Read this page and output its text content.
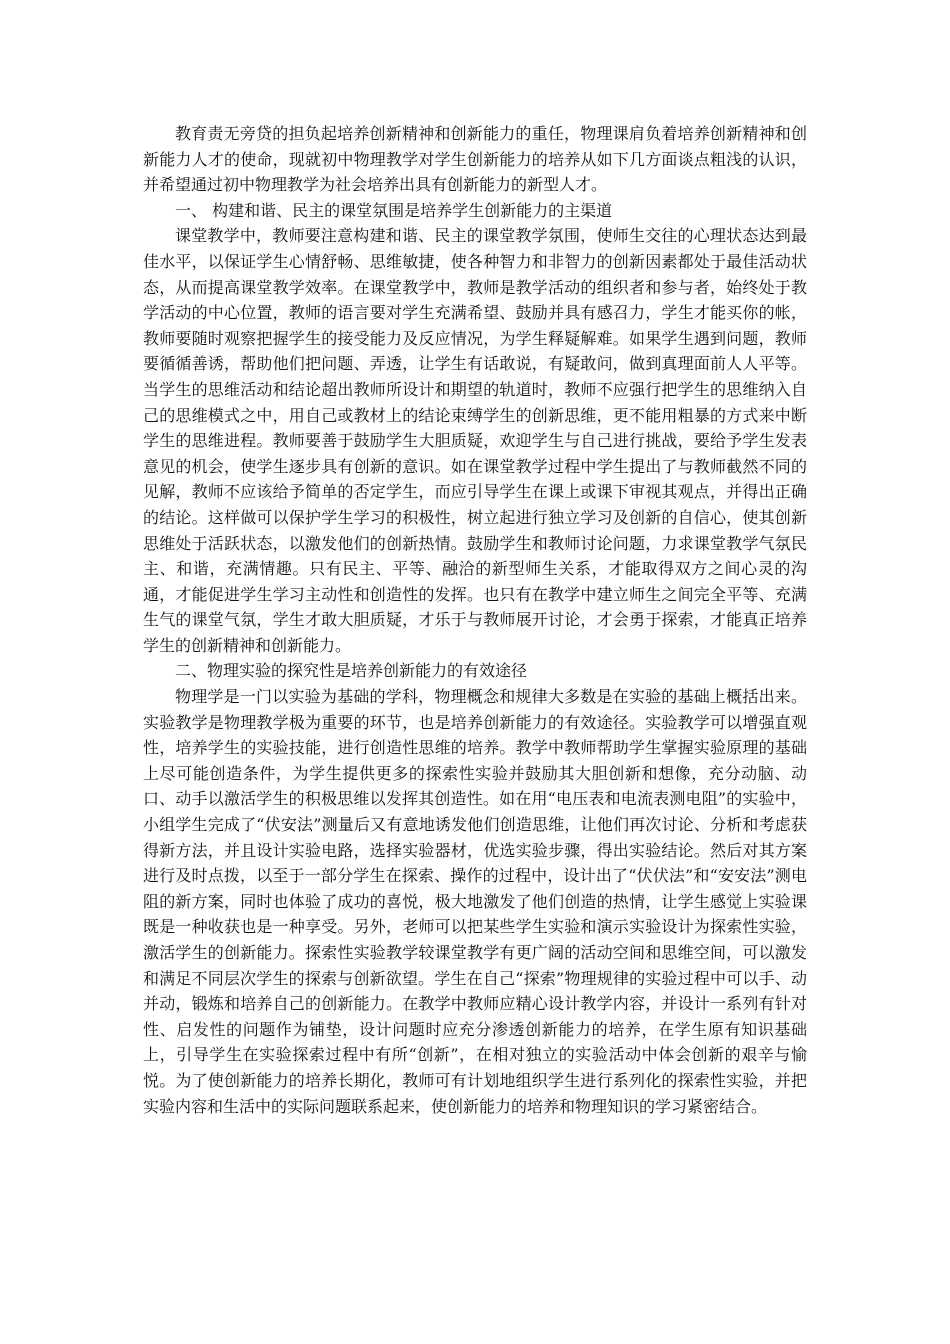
教育责无旁贷的担负起培养创新精神和创新能力的重任，物理课肩负着培养创新精神和创新能力人才的使命，现就初中物理教学对学生创新能力的培养从如下几方面谈点粗浅的认识，并希望通过初中物理教学为社会培养出具有创新能力的新型人才。

一、 构建和谐、民主的课堂氛围是培养学生创新能力的主渠道

课堂教学中，教师要注意构建和谐、民主的课堂教学氛围，使师生交往的心理状态达到最佳水平，以保证学生心情舒畅、思维敏捷，使各种智力和非智力的创新因素都处于最佳活动状态，从而提高课堂教学效率。在课堂教学中，教师是教学活动的组织者和参与者，始终处于教学活动的中心位置，教师的语言要对学生充满希望、鼓励并具有感召力，学生才能买你的帐，教师要随时观察把握学生的接受能力及反应情况，为学生释疑解难。如果学生遇到问题，教师要循循善诱，帮助他们把问题、弄透，让学生有话敢说，有疑敢问，做到真理面前人人平等。当学生的思维活动和结论超出教师所设计和期望的轨道时，教师不应强行把学生的思维纳入自己的思维模式之中，用自己或教材上的结论束缚学生的创新思维，更不能用粗暴的方式来中断学生的思维进程。教师要善于鼓励学生大胆质疑，欢迎学生与自己进行挑战，要给予学生发表意见的机会，使学生逐步具有创新的意识。如在课堂教学过程中学生提出了与教师截然不同的见解，教师不应该给予简单的否定学生，而应引导学生在课上或课下审视其观点，并得出正确的结论。这样做可以保护学生学习的积极性，树立起进行独立学习及创新的自信心，使其创新思维处于活跃状态，以激发他们的创新热情。鼓励学生和教师讨论问题，力求课堂教学气氛民主、和谐，充满情趣。只有民主、平等、融洽的新型师生关系，才能取得双方之间心灵的沟通，才能促进学生学习主动性和创造性的发挥。也只有在教学中建立师生之间完全平等、充满生气的课堂气氛，学生才敢大胆质疑，才乐于与教师展开讨论，才会勇于探索，才能真正培养学生的创新精神和创新能力。

二、物理实验的探究性是培养创新能力的有效途径

物理学是一门以实验为基础的学科，物理概念和规律大多数是在实验的基础上概括出来。实验教学是物理教学极为重要的环节，也是培养创新能力的有效途径。实验教学可以增强直观性，培养学生的实验技能，进行创造性思维的培养。教学中教师帮助学生掌握实验原理的基础上尽可能创造条件，为学生提供更多的探索性实验并鼓励其大胆创新和想像，充分动脑、动口、动手以激活学生的积极思维以发挥其创造性。如在用“电压表和电流表测电阻”的实验中，小组学生完成了“伏安法”测量后又有意地诱发他们创造思维，让他们再次讨论、分析和考虑获得新方法，并且设计实验电路，选择实验器材，优选实验步骤，得出实验结论。然后对其方案进行及时点拨，以至于一部分学生在探索、操作的过程中，设计出了“伏伏法”和“安安法”测电阻的新方案，同时也体验了成功的喜悦，极大地激发了他们创造的热情，让学生感觉上实验课既是一种收获也是一种享受。另外，老师可以把某些学生实验和演示实验设计为探索性实验，激活学生的创新能力。探索性实验教学较课堂教学有更广阔的活动空间和思维空间，可以激发和满足不同层次学生的探索与创新欲望。学生在自己“探索”物理规律的实验过程中可以手、动并动，锻炼和培养自己的创新能力。在教学中教师应精心设计教学内容，并设计一系列有针对性、启发性的问题作为铺垫，设计问题时应充分渗透创新能力的培养，在学生原有知识基础上，引导学生在实验探索过程中有所“创新”，在相对独立的实验活动中体会创新的艰辛与愉悦。为了使创新能力的培养长期化，教师可有计划地组织学生进行系列化的探索性实验，并把实验内容和生活中的实际问题联系起来，使创新能力的培养和物理知识的学习紧密结合。
